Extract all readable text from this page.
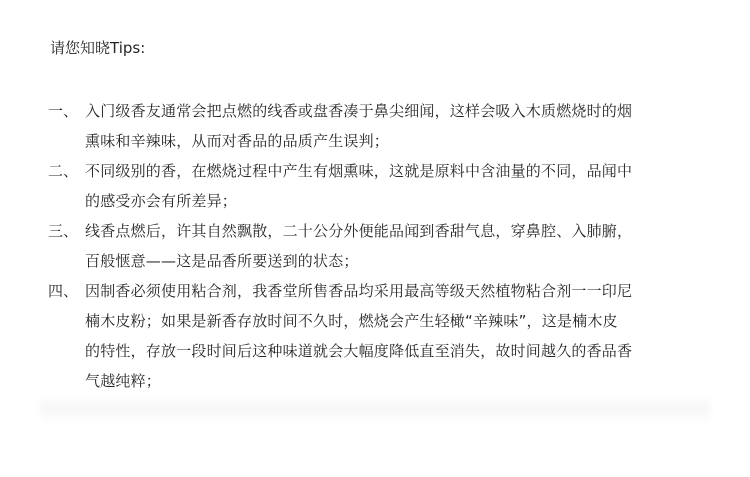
请您知晓Tips:
一、 入门级香友通常会把点燃的线香或盘香凑于鼻尖细闻，这样会吸入木质燃烧时的烟
熏味和辛辣味，从而对香品的品质产生误判；
二、 不同级别的香，在燃烧过程中产生有烟熏味，这就是原料中含油量的不同，品闻中
的感受亦会有所差异；
三、 线香点燃后，许其自然飘散，二十公分外便能品闻到香甜气息，穿鼻腔、入肺腑，
百般惬意——这是品香所要送到的状态；
四、 因制香必须使用粘合剂，我香堂所售香品均采用最高等级天然植物粘合剂一一印尼
楠木皮粉；如果是新香存放时间不久时，燃烧会产生轻橄“辛辣味”，这是楠木皮
的特性，存放一段时间后这种味道就会大幅度降低直至消失，故时间越久的香品香
气越纯粹；
